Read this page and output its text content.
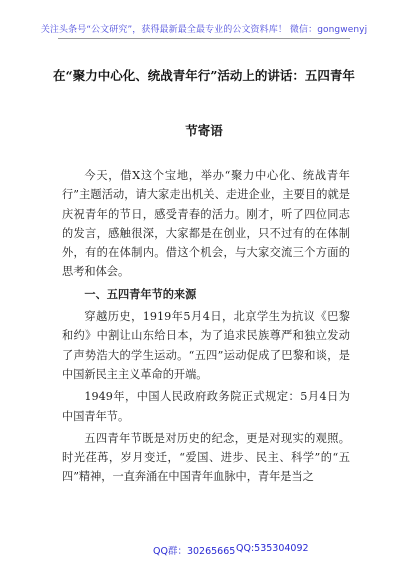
关注头条号“公文研究”，获得最新最全最专业的公文资料库！ 微信：gongwenyj
在“聚力中心化、统战青年行”活动上的讲话：五四青年
节寄语

今天，借X这个宝地，举办“聚力中心化、统战青年行”主题活动，请大家走出机关、走进企业，主要目的就是庆祝青年的节日，感受青春的活力。刚才，听了四位同志的发言，感触很深，大家都是在创业，只不过有的在体制外，有的在体制内。借这个机会，与大家交流三个方面的思考和体会。

一、五四青年节的来源

穿越历史，1919年5月4日，北京学生为抗议《巴黎和约》中割让山东给日本，为了追求民族尊严和独立发动了声势浩大的学生运动。“五四”运动促成了巴黎和谈，是中国新民主主义革命的开端。

1949年，中国人民政府政务院正式规定：5月4日为中国青年节。

五四青年节既是对历史的纪念，更是对现实的观照。时光荏苒，岁月变迁，“爱国、进步、民主、科学”的“五四”精神，一直奔涌在中国青年血脉中，青年是当之

QQ群：30265665 QQ:535304092
